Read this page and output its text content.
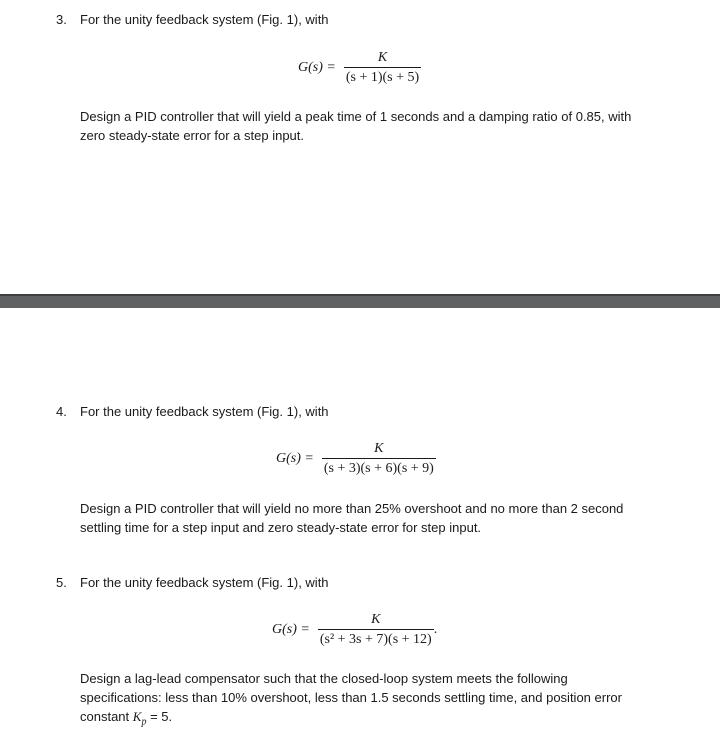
3. For the unity feedback system (Fig. 1), with
$G(s) = \frac{K}{(s + 1)(s + 5)}$
Design a PID controller that will yield a peak time of 1 seconds and a damping ratio of 0.85, with
zero steady-state error for a step input.
4. For the unity feedback system (Fig. 1), with
$G(s) = \frac{K}{(s + 3)(s + 6)(s + 9)}$
Design a PID controller that will yield no more than 25% overshoot and no more than 2 second
settling time for a step input and zero steady-state error for step input.
5. For the unity feedback system (Fig. 1), with
$G(s) = \frac{K}{\text{(s² + 3s + 7)(s + 12)}}$ .
Design a lag-lead compensator such that the closed-loop system meets the following
specifications: less than 10% overshoot, less than 1.5 seconds settling time, and position error
constant $K_p = 5$.
